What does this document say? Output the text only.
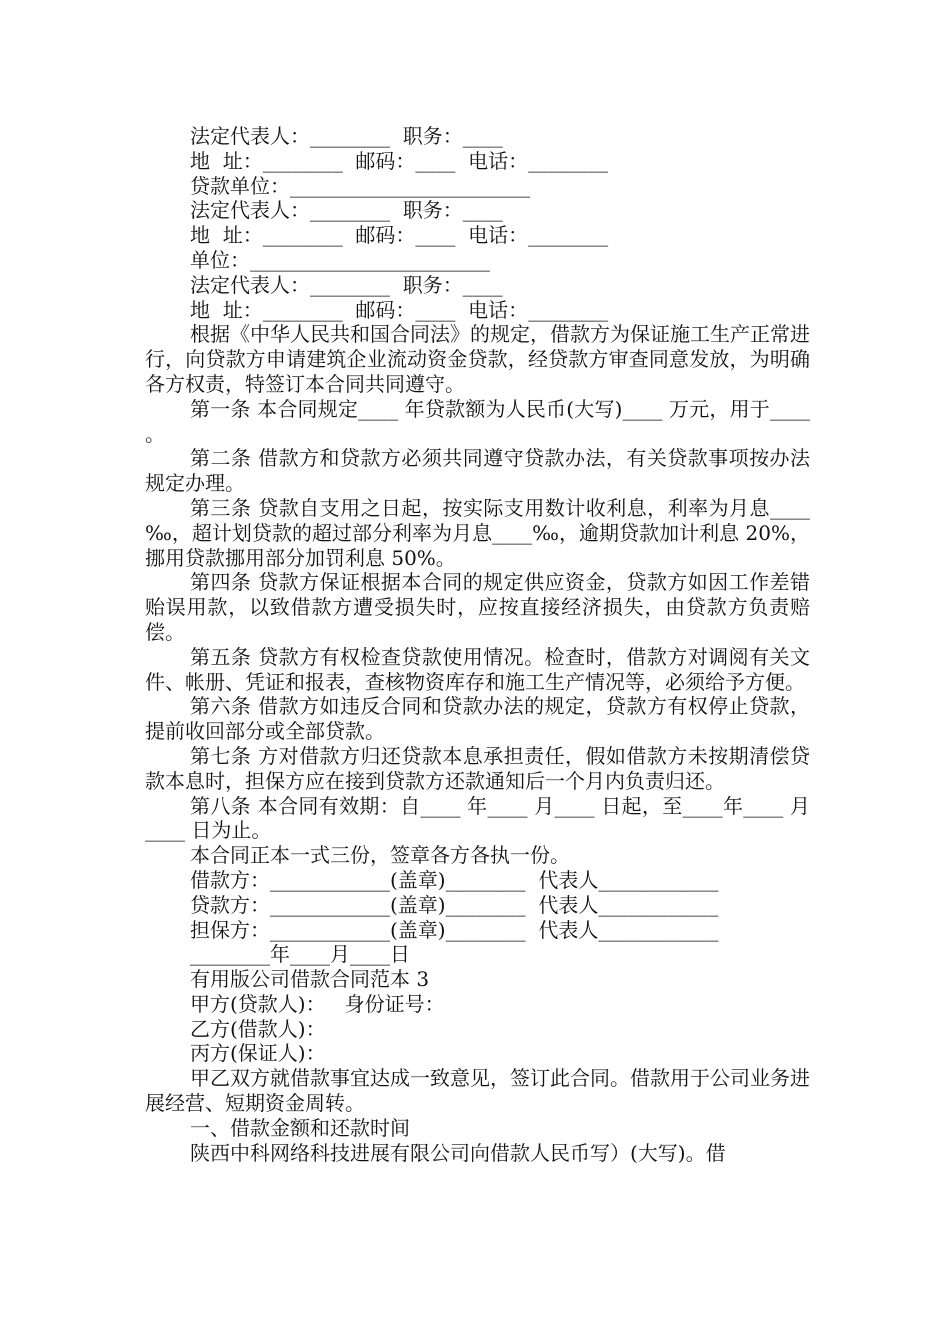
法定代表人：________  职务：____

地  址：________  邮码：____  电话：________

贷款单位：________________________

法定代表人：________  职务：____

地  址：________  邮码：____  电话：________

单位：________________________

法定代表人：________  职务：____

地  址：________  邮码：____  电话：________

根据《中华人民共和国合同法》的规定，借款方为保证施工生产正常进行，向贷款方申请建筑企业流动资金贷款，经贷款方审查同意发放，为明确各方权责，特签订本合同共同遵守。

第一条 本合同规定____ 年贷款额为人民币(大写)____ 万元，用于____ 。

第二条 借款方和贷款方必须共同遵守贷款办法，有关贷款事项按办法规定办理。

第三条 贷款自支用之日起，按实际支用数计收利息，利率为月息____ ‰，超计划贷款的超过部分利率为月息____‰，逾期贷款加计利息 20%，挪用贷款挪用部分加罚利息 50%。

第四条 贷款方保证根据本合同的规定供应资金，贷款方如因工作差错贻误用款，以致借款方遭受损失时，应按直接经济损失，由贷款方负责赔偿。

第五条 贷款方有权检查贷款使用情况。检查时，借款方对调阅有关文件、帐册、凭证和报表，查核物资库存和施工生产情况等，必须给予方便。

第六条 借款方如违反合同和贷款办法的规定，贷款方有权停止贷款，提前收回部分或全部贷款。

第七条 方对借款方归还贷款本息承担责任，假如借款方未按期清偿贷款本息时，担保方应在接到贷款方还款通知后一个月内负责归还。

第八条 本合同有效期：自____ 年____ 月____ 日起，至____年____ 月____ 日为止。

本合同正本一式三份，签章各方各执一份。

借款方：____________(盖章)________  代表人____________

贷款方：____________(盖章)________  代表人____________

担保方：____________(盖章)________  代表人____________

________年____月____日

有用版公司借款合同范本 3

甲方(贷款人)：   身份证号：

乙方(借款人)：

丙方(保证人)：

甲乙双方就借款事宜达成一致意见，签订此合同。借款用于公司业务进展经营、短期资金周转。

一、借款金额和还款时间

陕西中科网络科技进展有限公司向借款人民币写）(大写)。借
